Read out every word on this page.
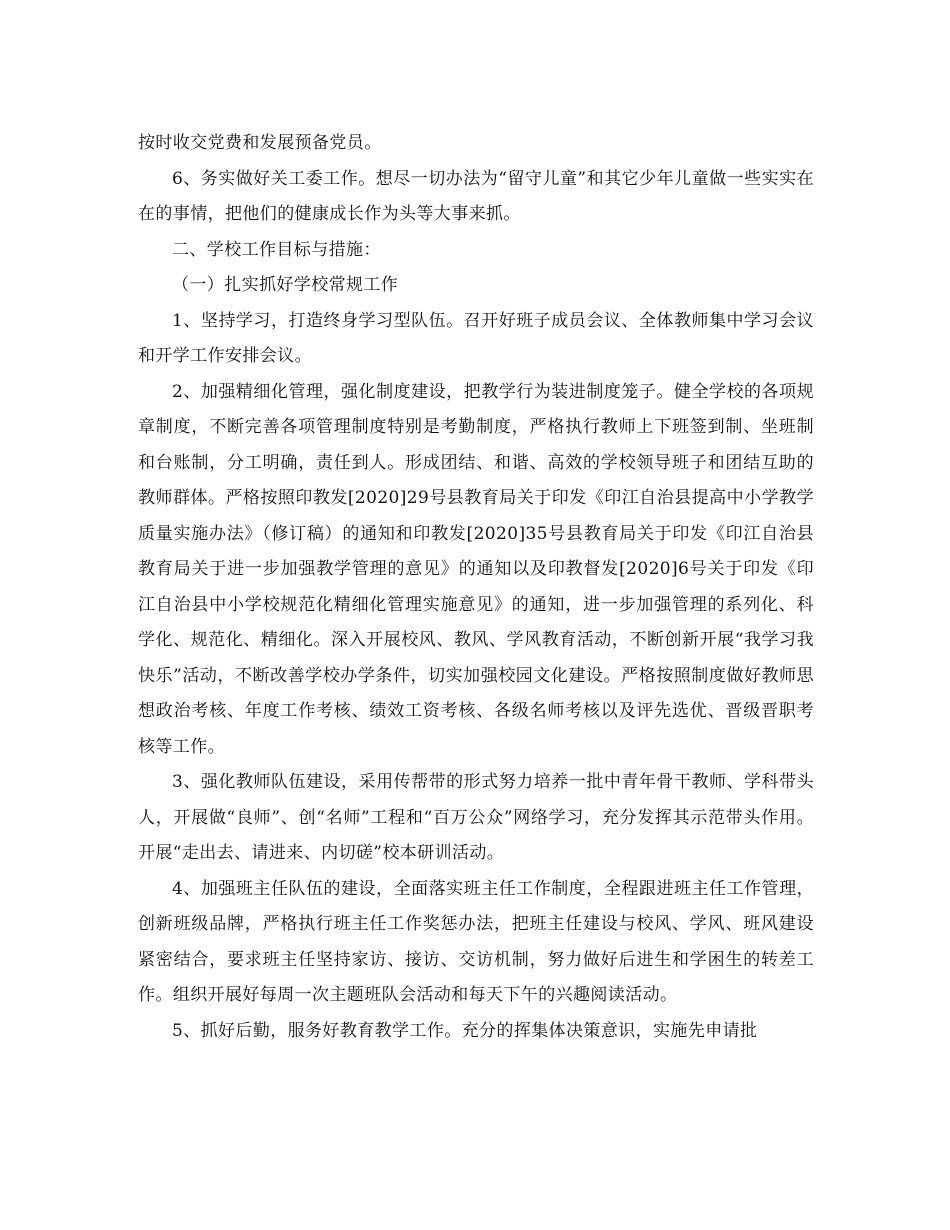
按时收交党费和发展预备党员。

6、务实做好关工委工作。想尽一切办法为“留守儿童”和其它少年儿童做一些实实在在的事情，把他们的健康成长作为头等大事来抓。

二、学校工作目标与措施：

（一）扎实抓好学校常规工作

1、坚持学习，打造终身学习型队伍。召开好班子成员会议、全体教师集中学习会议和开学工作安排会议。

2、加强精细化管理，强化制度建设，把教学行为装进制度笼子。健全学校的各项规章制度，不断完善各项管理制度特别是考勤制度，严格执行教师上下班签到制、坐班制和台账制，分工明确，责任到人。形成团结、和谐、高效的学校领导班子和团结互助的教师群体。严格按照印教发[2020]29号县教育局关于印发《印江自治县提高中小学教学质量实施办法》（修订稿）的通知和印教发[2020]35号县教育局关于印发《印江自治县教育局关于进一步加强教学管理的意见》的通知以及印教督发[2020]6号关于印发《印江自治县中小学校规范化精细化管理实施意见》的通知，进一步加强管理的系列化、科学化、规范化、精细化。深入开展校风、教风、学风教育活动，不断创新开展“我学习我快乐”活动，不断改善学校办学条件，切实加强校园文化建设。严格按照制度做好教师思想政治考核、年度工作考核、绩效工资考核、各级名师考核以及评先选优、晋级晋职考核等工作。

3、强化教师队伍建设，采用传帮带的形式努力培养一批中青年骨干教师、学科带头人，开展做“良师”、创“名师”工程和“百万公众”网络学习，充分发挥其示范带头作用。开展“走出去、请进来、内切磋”校本研训活动。

4、加强班主任队伍的建设，全面落实班主任工作制度，全程跟进班主任工作管理，创新班级品牌，严格执行班主任工作奖惩办法，把班主任建设与校风、学风、班风建设紧密结合，要求班主任坚持家访、接访、交访机制，努力做好后进生和学困生的转差工作。组织开展好每周一次主题班队会活动和每天下午的兴趣阅读活动。

5、抓好后勤，服务好教育教学工作。充分的挥集体决策意识，实施先申请批
